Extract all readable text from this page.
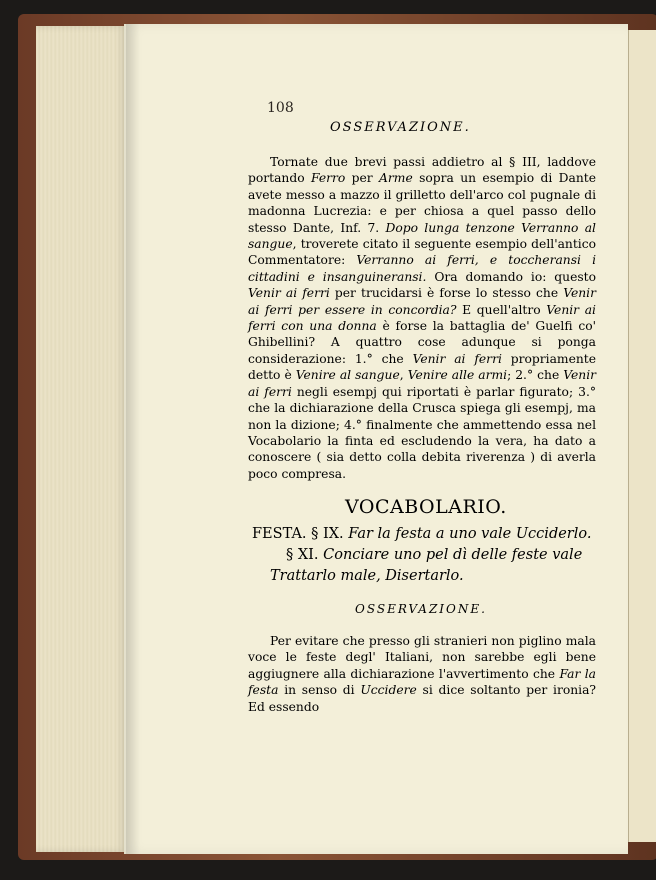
108
OSSERVAZIONE.

Tornate due brevi passi addietro al § III, laddove portando Ferro per Arme sopra un esempio di Dante avete messo a mazzo il grilletto dell'arco col pugnale di madonna Lucrezia: e per chiosa a quel passo dello stesso Dante, Inf. 7. Dopo lunga tenzone Verranno al sangue, troverete citato il seguente esempio dell'antico Commentatore: Verranno ai ferri, e toccheransi i cittadini e insanguineransi. Ora domando io: questo Venir ai ferri per trucidarsi è forse lo stesso che Venir ai ferri per essere in concordia? E quell'altro Venir ai ferri con una donna è forse la battaglia de' Guelfi co' Ghibellini? A quattro cose adunque si ponga considerazione: 1.° che Venir ai ferri propriamente detto è Venire al sangue, Venire alle armi; 2.° che Venir ai ferri negli esempj qui riportati è parlar figurato; 3.° che la dichiarazione della Crusca spiega gli esempj, ma non la dizione; 4.° finalmente che ammettendo essa nel Vocabolario la finta ed escludendo la vera, ha dato a conoscere ( sia detto colla debita riverenza ) di averla poco compresa.

VOCABOLARIO.
FESTA. § IX. Far la festa a uno vale Ucciderlo.
§ XI. Conciare uno pel dì delle feste vale
Trattarlo male, Disertarlo.
OSSERVAZIONE.

Per evitare che presso gli stranieri non piglino mala voce le feste degl' Italiani, non sarebbe egli bene aggiugnere alla dichiarazione l'avvertimento che Far la festa in senso di Uccidere si dice soltanto per ironia? Ed essendo
